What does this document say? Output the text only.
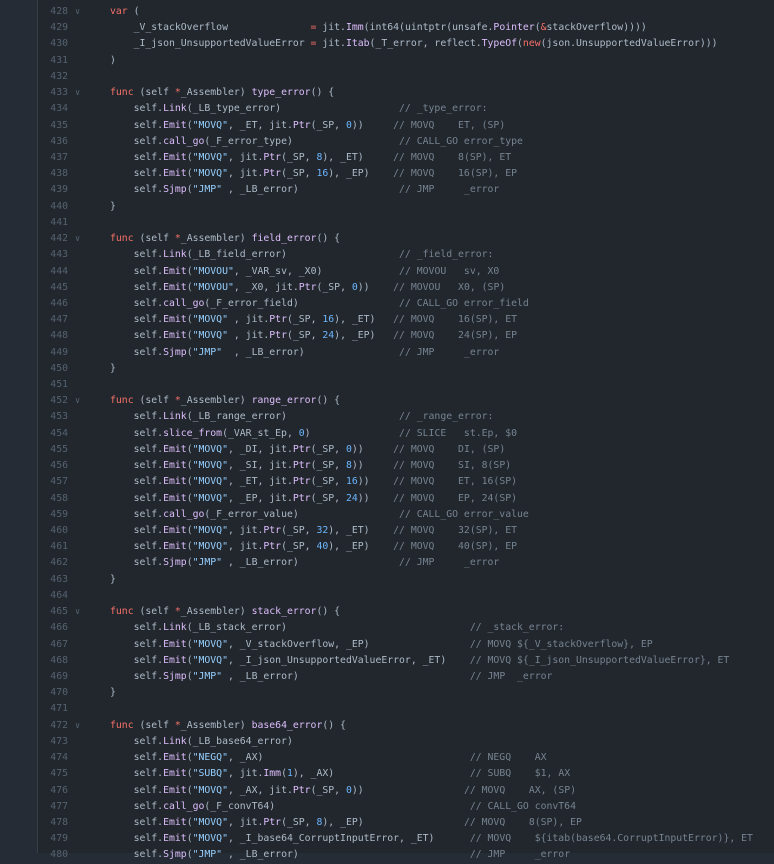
428 ∨	var (
429	_V_stackOverflow              = jit.Imm(int64(uintptr(unsafe.Pointer(&stackOverflow))))
430	_I_json_UnsupportedValueError = jit.Itab(_T_error, reflect.TypeOf(new(json.UnsupportedValueError)))
431	)
432
433 ∨	func (self *_Assembler) type_error() {
434	self.Link(_LB_type_error)                    // _type_error:
435	self.Emit("MOVQ", _ET, jit.Ptr(_SP, 0))     // MOVQ    ET, (SP)
436	self.call_go(_F_error_type)                  // CALL_GO error_type
437	self.Emit("MOVQ", jit.Ptr(_SP, 8), _ET)     // MOVQ    8(SP), ET
438	self.Emit("MOVQ", jit.Ptr(_SP, 16), _EP)    // MOVQ    16(SP), EP
439	self.Sjmp("JMP" , _LB_error)                 // JMP     _error
440	}
441
442 ∨	func (self *_Assembler) field_error() {
443	self.Link(_LB_field_error)                   // _field_error:
444	self.Emit("MOVOU", _VAR_sv, _X0)             // MOVOU   sv, X0
445	self.Emit("MOVOU", _X0, jit.Ptr(_SP, 0))    // MOVOU   X0, (SP)
446	self.call_go(_F_error_field)                 // CALL_GO error_field
447	self.Emit("MOVQ" , jit.Ptr(_SP, 16), _ET)   // MOVQ    16(SP), ET
448	self.Emit("MOVQ" , jit.Ptr(_SP, 24), _EP)   // MOVQ    24(SP), EP
449	self.Sjmp("JMP"  , _LB_error)                // JMP     _error
450	}
451
452 ∨	func (self *_Assembler) range_error() {
453	self.Link(_LB_range_error)                   // _range_error:
454	self.slice_from(_VAR_st_Ep, 0)               // SLICE   st.Ep, $0
455	self.Emit("MOVQ", _DI, jit.Ptr(_SP, 0))     // MOVQ    DI, (SP)
456	self.Emit("MOVQ", _SI, jit.Ptr(_SP, 8))     // MOVQ    SI, 8(SP)
457	self.Emit("MOVQ", _ET, jit.Ptr(_SP, 16))    // MOVQ    ET, 16(SP)
458	self.Emit("MOVQ", _EP, jit.Ptr(_SP, 24))    // MOVQ    EP, 24(SP)
459	self.call_go(_F_error_value)                 // CALL_GO error_value
460	self.Emit("MOVQ", jit.Ptr(_SP, 32), _ET)    // MOVQ    32(SP), ET
461	self.Emit("MOVQ", jit.Ptr(_SP, 40), _EP)    // MOVQ    40(SP), EP
462	self.Sjmp("JMP" , _LB_error)                 // JMP     _error
463	}
464
465 ∨	func (self *_Assembler) stack_error() {
466	self.Link(_LB_stack_error)                               // _stack_error:
467	self.Emit("MOVQ", _V_stackOverflow, _EP)                 // MOVQ ${_V_stackOverflow}, EP
468	self.Emit("MOVQ", _I_json_UnsupportedValueError, _ET)    // MOVQ ${_I_json_UnsupportedValueError}, ET
469	self.Sjmp("JMP" , _LB_error)                             // JMP  _error
470	}
471
472 ∨	func (self *_Assembler) base64_error() {
473	self.Link(_LB_base64_error)
474	self.Emit("NEGQ", _AX)                                   // NEGQ    AX
475	self.Emit("SUBQ", jit.Imm(1), _AX)                       // SUBQ    $1, AX
476	self.Emit("MOVQ", _AX, jit.Ptr(_SP, 0))                 // MOVQ    AX, (SP)
477	self.call_go(_F_convT64)                                 // CALL_GO convT64
478	self.Emit("MOVQ", jit.Ptr(_SP, 8), _EP)                 // MOVQ    8(SP), EP
479	self.Emit("MOVQ", _I_base64_CorruptInputError, _ET)      // MOVQ    ${itab(base64.CorruptInputError)}, ET
480	self.Sjmp("JMP" , _LB_error)                             // JMP     _error
